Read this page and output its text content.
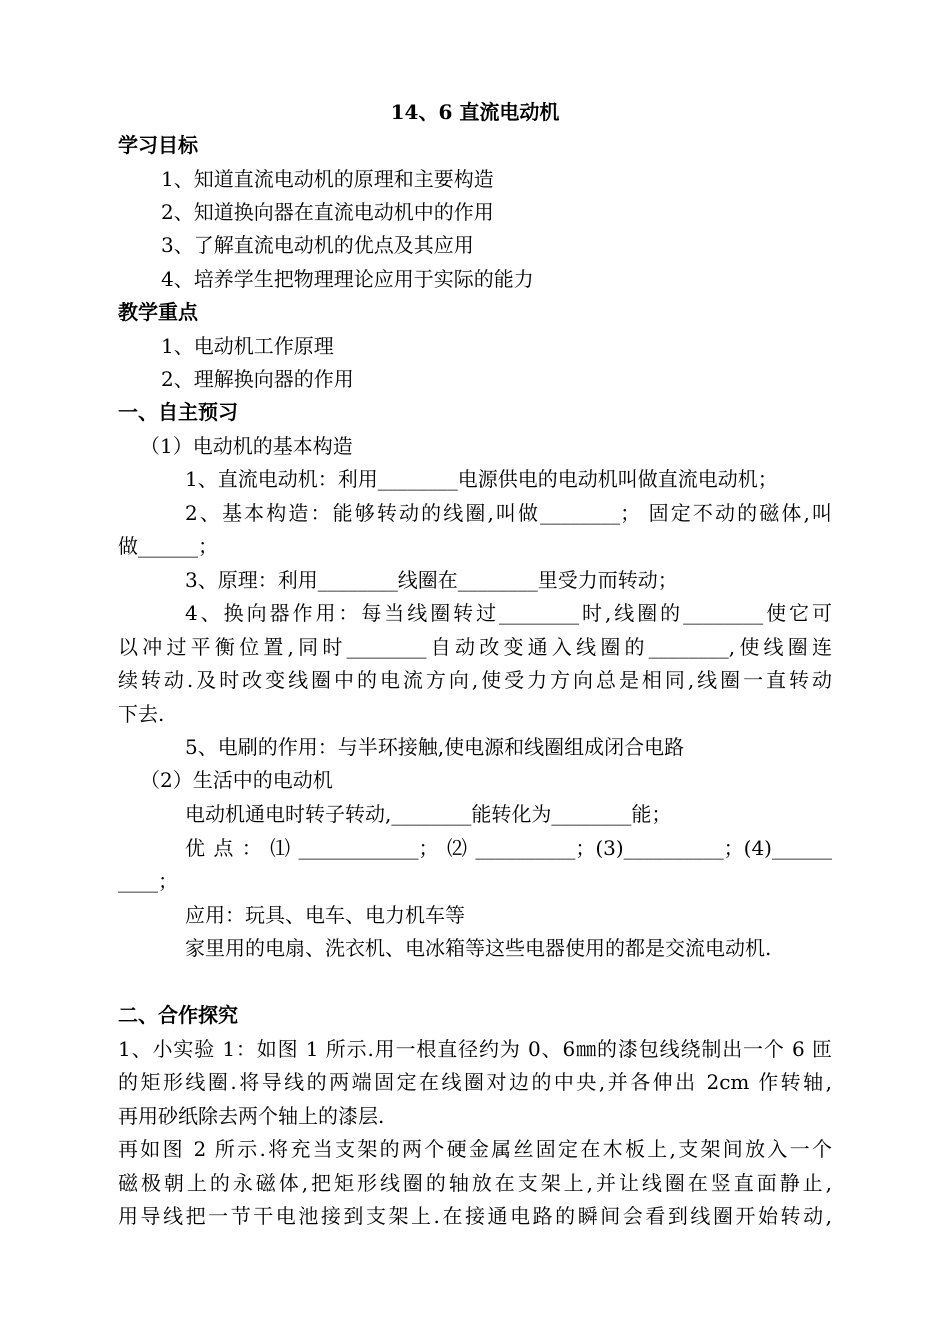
14、6 直流电动机
学习目标
1、知道直流电动机的原理和主要构造
2、知道换向器在直流电动机中的作用
3、了解直流电动机的优点及其应用
4、培养学生把物理理论应用于实际的能力
教学重点
1、电动机工作原理
2、理解换向器的作用
一、自主预习
（1）电动机的基本构造
1、直流电动机：利用________电源供电的电动机叫做直流电动机；
2、基本构造：能够转动的线圈,叫做________； 固定不动的磁体,叫
做______；
3、原理：利用________线圈在________里受力而转动；
4、换向器作用：每当线圈转过________时,线圈的________使它可
以冲过平衡位置,同时________自动改变通入线圈的________,使线圈连
续转动.及时改变线圈中的电流方向,使受力方向总是相同,线圈一直转动
下去.
5、电刷的作用：与半环接触,使电源和线圈组成闭合电路
（2）生活中的电动机
电动机通电时转子转动,________能转化为________能；
优点：⑴____________；⑵__________；(3)__________；(4)______
____；
应用：玩具、电车、电力机车等
家里用的电扇、洗衣机、电冰箱等这些电器使用的都是交流电动机.
二、合作探究
1、小实验 1：如图 1 所示.用一根直径约为 0、6㎜的漆包线绕制出一个 6 匝
的矩形线圈.将导线的两端固定在线圈对边的中央,并各伸出 2cm 作转轴,
再用砂纸除去两个轴上的漆层.
再如图 2 所示.将充当支架的两个硬金属丝固定在木板上,支架间放入一个
磁极朝上的永磁体,把矩形线圈的轴放在支架上,并让线圈在竖直面静止,
用导线把一节干电池接到支架上.在接通电路的瞬间会看到线圈开始转动,
